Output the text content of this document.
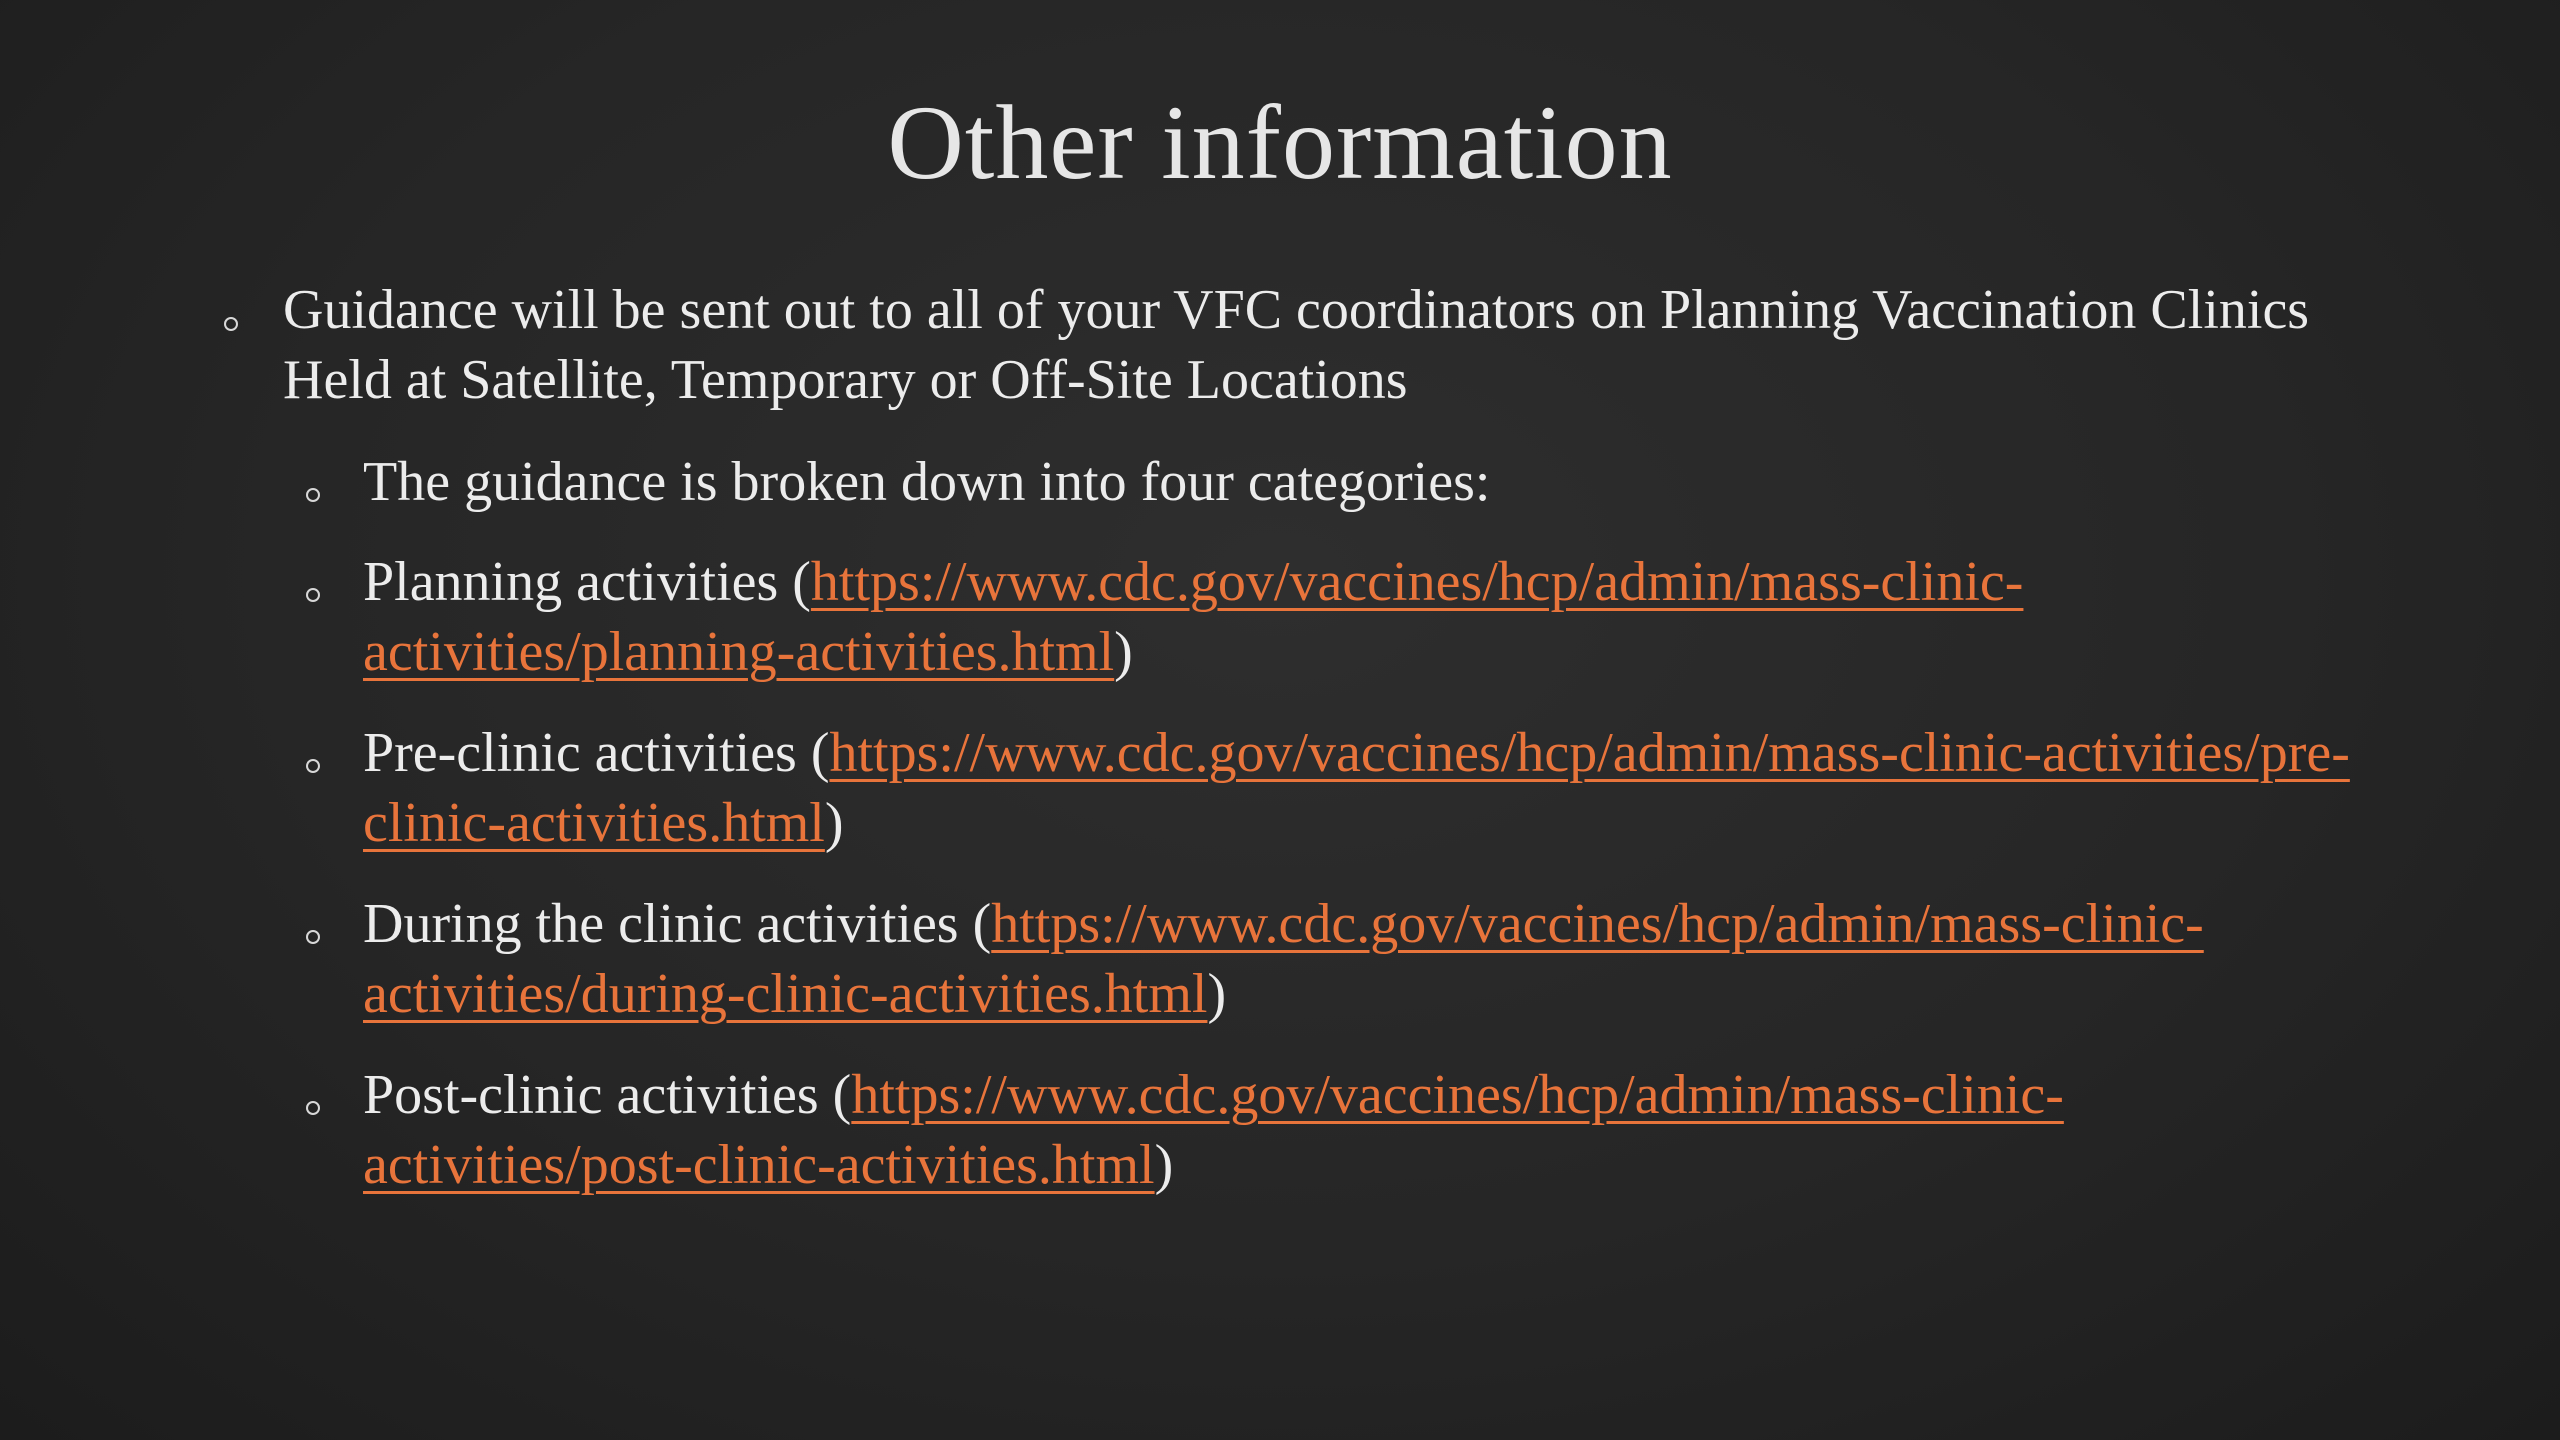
Other information
Guidance will be sent out to all of your VFC coordinators on Planning Vaccination Clinics Held at Satellite, Temporary or Off-Site Locations
The guidance is broken down into four categories:
Planning activities (https://www.cdc.gov/vaccines/hcp/admin/mass-clinic-activities/planning-activities.html)
Pre-clinic activities (https://www.cdc.gov/vaccines/hcp/admin/mass-clinic-activities/pre-clinic-activities.html)
During the clinic activities (https://www.cdc.gov/vaccines/hcp/admin/mass-clinic-activities/during-clinic-activities.html)
Post-clinic activities (https://www.cdc.gov/vaccines/hcp/admin/mass-clinic-activities/post-clinic-activities.html)
